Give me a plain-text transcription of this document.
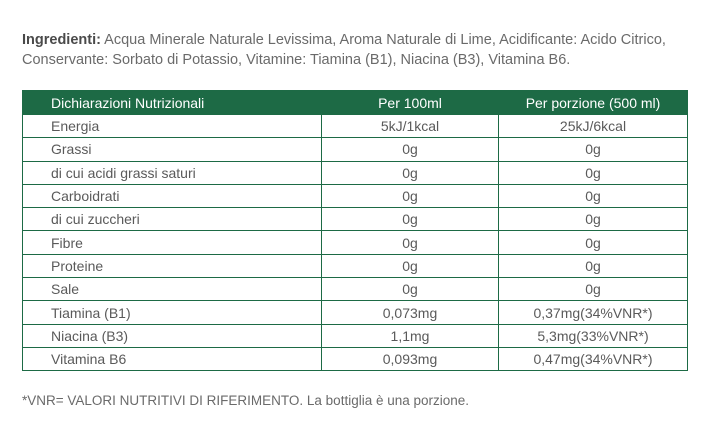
Ingredienti: Acqua Minerale Naturale Levissima, Aroma Naturale di Lime, Acidificante: Acido Citrico, Conservante: Sorbato di Potassio, Vitamine: Tiamina (B1), Niacina (B3), Vitamina B6.
Dichiarazioni Nutrizionali	Per 100ml	Per porzione (500 ml)
Energia	5kJ/1kcal	25kJ/6kcal
Grassi	0g	0g
di cui acidi grassi saturi	0g	0g
Carboidrati	0g	0g
di cui zuccheri	0g	0g
Fibre	0g	0g
Proteine	0g	0g
Sale	0g	0g
Tiamina (B1)	0,073mg	0,37mg(34%VNR*)
Niacina (B3)	1,1mg	5,3mg(33%VNR*)
Vitamina B6	0,093mg	0,47mg(34%VNR*)
*VNR= VALORI NUTRITIVI DI RIFERIMENTO. La bottiglia è una porzione.
